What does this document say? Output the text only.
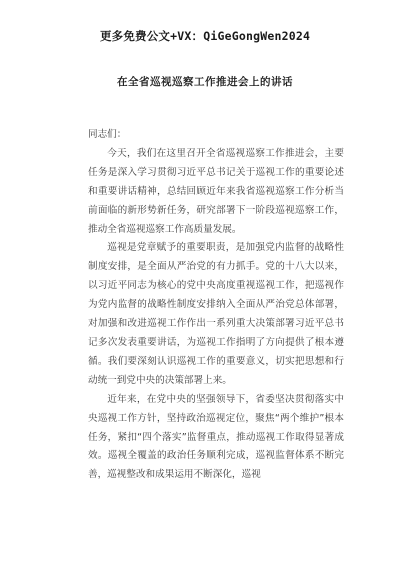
更多免费公文+VX：QiGeGongWen2024
在全省巡视巡察工作推进会上的讲话

同志们：

今天，我们在这里召开全省巡视巡察工作推进会，主要任务是深入学习贯彻习近平总书记关于巡视工作的重要论述和重要讲话精神，总结回顾近年来我省巡视巡察工作分析当前面临的新形势新任务，研究部署下一阶段巡视巡察工作，推动全省巡视巡察工作高质量发展。

巡视是党章赋予的重要职责，是加强党内监督的战略性制度安排，是全面从严治党的有力抓手。党的十八大以来，以习近平同志为核心的党中央高度重视巡视工作，把巡视作为党内监督的战略性制度安排纳入全面从严治党总体部署，对加强和改进巡视工作作出一系列重大决策部署习近平总书记多次发表重要讲话，为巡视工作指明了方向提供了根本遵循。我们要深刻认识巡视工作的重要意义，切实把思想和行动统一到党中央的决策部署上来。

近年来，在党中央的坚强领导下，省委坚决贯彻落实中央巡视工作方针，坚持政治巡视定位，聚焦“两个维护”根本任务，紧扣“四个落实”监督重点，推动巡视工作取得显著成效。巡视全覆盖的政治任务顺利完成，巡视监督体系不断完善，巡视整改和成果运用不断深化，巡视
